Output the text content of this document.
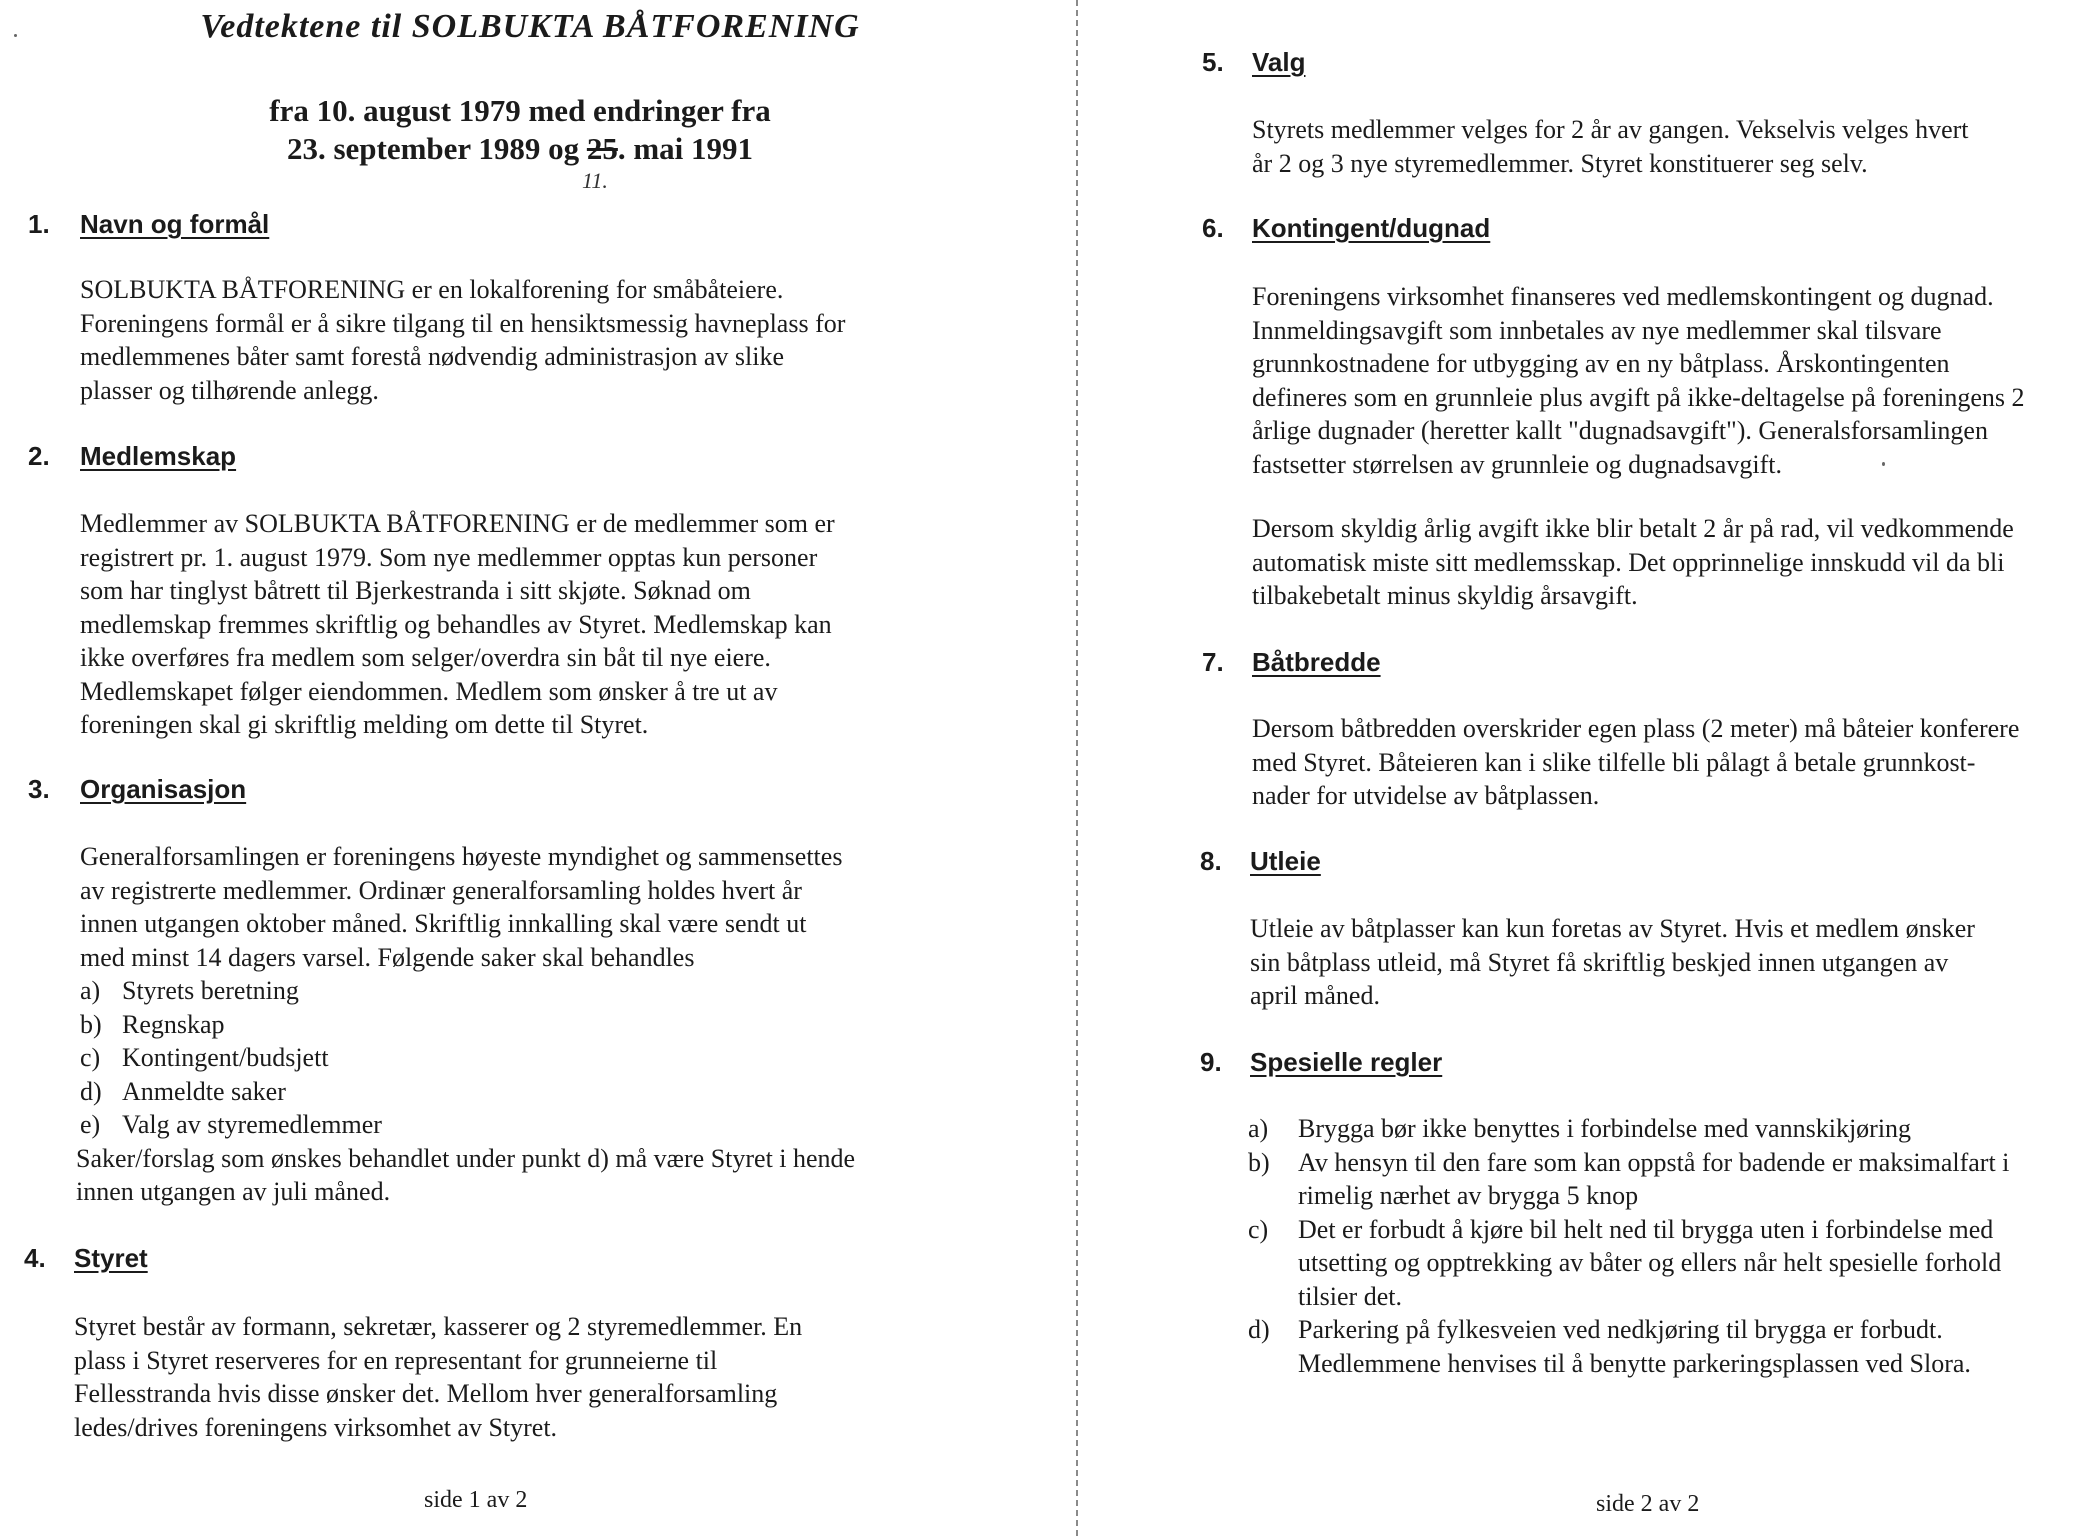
Vedtektene til SOLBUKTA BÅTFORENING
fra 10. august 1979 med endringer fra
23. september 1989 og 25. mai 1991
11.
1. Navn og formål
SOLBUKTA BÅTFORENING er en lokalforening for småbåteiere.
Foreningens formål er å sikre tilgang til en hensiktsmessig havneplass for
medlemmenes båter samt forestå nødvendig administrasjon av slike
plasser og tilhørende anlegg.
2. Medlemskap
Medlemmer av SOLBUKTA BÅTFORENING er de medlemmer som er
registrert pr. 1. august 1979. Som nye medlemmer opptas kun personer
som har tinglyst båtrett til Bjerkestranda i sitt skjøte. Søknad om
medlemskap fremmes skriftlig og behandles av Styret. Medlemskap kan
ikke overføres fra medlem som selger/overdra sin båt til nye eiere.
Medlemskapet følger eiendommen. Medlem som ønsker å tre ut av
foreningen skal gi skriftlig melding om dette til Styret.
3. Organisasjon
Generalforsamlingen er foreningens høyeste myndighet og sammensettes
av registrerte medlemmer. Ordinær generalforsamling holdes hvert år
innen utgangen oktober måned. Skriftlig innkalling skal være sendt ut
med minst 14 dagers varsel. Følgende saker skal behandles
a) Styrets beretning
b) Regnskap
c) Kontingent/budsjett
d) Anmeldte saker
e) Valg av styremedlemmer
Saker/forslag som ønskes behandlet under punkt d) må være Styret i hende
innen utgangen av juli måned.
4. Styret
Styret består av formann, sekretær, kasserer og 2 styremedlemmer. En
plass i Styret reserveres for en representant for grunneierne til
Fellesstranda hvis disse ønsker det. Mellom hver generalforsamling
ledes/drives foreningens virksomhet av Styret.
side 1 av 2
5. Valg
Styrets medlemmer velges for 2 år av gangen. Vekselvis velges hvert
år 2 og 3 nye styremedlemmer. Styret konstituerer seg selv.
6. Kontingent/dugnad
Foreningens virksomhet finanseres ved medlemskontingent og dugnad.
Innmeldingsavgift som innbetales av nye medlemmer skal tilsvare
grunnkostnadene for utbygging av en ny båtplass. Årskontingenten
defineres som en grunnleie plus avgift på ikke-deltagelse på foreningens 2
årlige dugnader (heretter kallt "dugnadsavgift"). Generalsforsamlingen
fastsetter størrelsen av grunnleie og dugnadsavgift.
Dersom skyldig årlig avgift ikke blir betalt 2 år på rad, vil vedkommende
automatisk miste sitt medlemsskap. Det opprinnelige innskudd vil da bli
tilbakebetalt minus skyldig årsavgift.
7. Båtbredde
Dersom båtbredden overskrider egen plass (2 meter) må båteier konferere
med Styret. Båteieren kan i slike tilfelle bli pålagt å betale grunnkost-
nader for utvidelse av båtplassen.
8. Utleie
Utleie av båtplasser kan kun foretas av Styret. Hvis et medlem ønsker
sin båtplass utleid, må Styret få skriftlig beskjed innen utgangen av
april måned.
9. Spesielle regler
a)	Brygga bør ikke benyttes i forbindelse med vannskikjøring
b)	Av hensyn til den fare som kan oppstå for badende er maksimalfart i
rimelig nærhet av brygga 5 knop
c)	Det er forbudt å kjøre bil helt ned til brygga uten i forbindelse med
utsetting og opptrekking av båter og ellers når helt spesielle forhold
tilsier det.
d)	Parkering på fylkesveien ved nedkjøring til brygga er forbudt.
Medlemmene henvises til å benytte parkeringsplassen ved Slora.
side 2 av 2
